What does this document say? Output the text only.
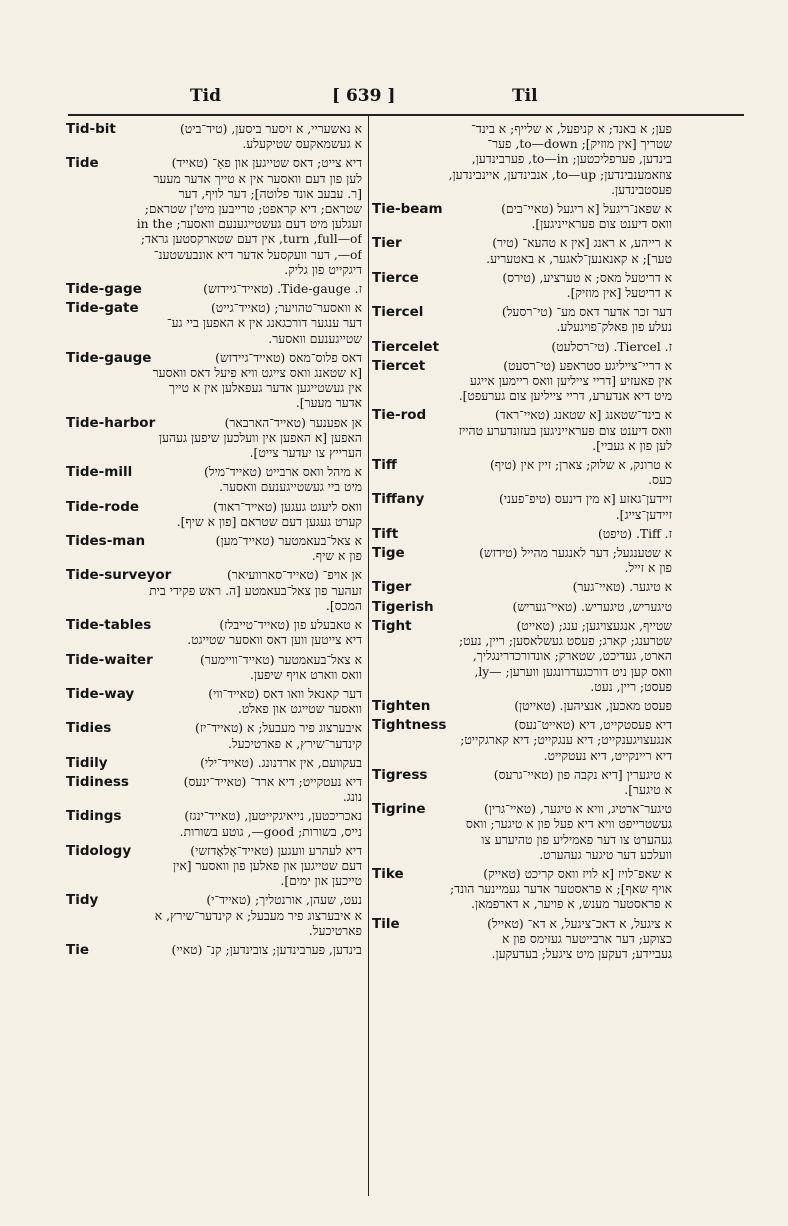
Tid	[ 639 ]	Til
Tid-bit	א נאשעריי, א זיסער ביסען, (טיד־ביט)
א געשמאקעס שטיקעלע.
Tide	דיא צייט; דאס שטייגען און פאַ־ (טאייד)
לען פון דעם וואסער אין א טייך אדער מעער
[ר. עבעב אונד פלוטה]; דער לויף, דער
שטראם; דיא קראפט; טרייבען מיט'ן שטראם;
זעגלען מיט דעם געשטייגענעם וואסער; in the
turn ,full—of, אין דעם שטארקסטען גראד;
of—, דער וועקסעל אדער דיא אונבעשטענ־
דיגקייט פון גליק.
Tide-gage	ז. Tide-gauge. (טאייד־גיידזש)
Tide-gate	א וואסער־טהויער; (טאייד־גייט)
דער ענגער דורכגאנג אין א האפען ביי גע־
שטייגענעם וואסער.
Tide-gauge	דאס פלוס־מאס (טאייד־גיידזש)
[א שטאנג וואס צייגט וויא פיעל דאס וואסער
אין געשטייגען אדער געפאלען אין א טייך
אדער מעער].
Tide-harbor	אן אפענער (טאייד־הארבאר)
האפען [א האפען אין וועלכען שיפען געהען
הערייץ צו יעדער צייט].
Tide-mill	א מיהל וואס ארבייט (טאייד־מיל)
מיט ביי געשטייגענעם וואסער.
Tide-rode	וואס ליעגט געגען (טאייד־ראוד)
קערט געגען דעם שטראם [פון א שיף].
Tides-man	א צאל־בעאמטער (טאייד־מען)
פון א שיף.
Tide-surveyor	אן אויפ־ (טאייד־סארוועיאר)
זעהער פון צאל־בעאמטע [ה. ראש פקידי בית
המכס].
Tide-tables	א טאבעלע פון (טאייד־טייבלז)
דיא צייטען ווען דאס וואסער שטייגט.
Tide-waiter	א צאל־בעאמטער (טאייד־וויימער)
וואס ווארט אויף שיפען.
Tide-way	דער קאנאל וואו דאס (טאייד־ווי)
וואסער שטייגט און פאלט.
Tidies	איבערצוג פיר מעבעל; א (טאייד־יז)
קינדער־שירץ, א פארטיכעל.
Tidily	בעקוועם, אין ארדנונג. (טאייד־ילי)
Tidiness	דיא נעטקייט; דיא ארד־ (טאייד־ינעס)
נונג.
Tidings	נאכריכטען, נייאיגקייטען, (טאייד־ינגז)
נייס, בשורות; good—, גוטע בשורות.
Tidology	דיא לעהרע וועגען (טאייד־אָלאָדזשי)
דעם שטייגען און פאלען פון וואסער [אין
טייכען און ימים].
Tidy	נעט, שעהן, אורנטליך; (טאייד־י)
א איבערצוג פיר מעבעל; א קינדער־שירץ, א
פארטיכעל.
Tie	בינדען, פערבינדען; צובינדען; קנ־ (טאיי)
פען; א באנד; א קניפעל, א שלייף; א בינד־
שטריך [אין מוזיק]; to—down, פער־
בינדען, פערפליכטען; to—in, פערבינדען,
צוזאמענבינדען; to—up, אנבינדען, איינבינדען,
פעסטבינדען.
Tie-beam	א שפאנ־ריגעל [א ריגעל (טאיי־בים)
וואס דיענט צום פעראייניגען].
Tier	א רייהע, א ראנג [אין א טהעא־ (טיר)
טער]; א קאנאנען־לאגער, א באטעריע.
Tierce	א דריטעל מאס; א טערציע, (טירס)
א דריטעל [אין מוזיק].
Tiercel	דער זכר אדער דאס מע־ (טי־רסעל)
נעלע פון פאלק־פויגעלע.
Tiercelet	ז. Tiercel. (טי־רסלעט)
Tiercet	א דריי־צייליגע סטראפע (טי־רסעט)
אין פאעזיע [דריי צייליען וואס ריימען אייגע
מיט דיא אנדערע, דריי צייליען צום גערעפט].
Tie-rod	א בינד־שטאנג [א שטאנג (טאיי־ראד)
וואס דיענט צום פעראייניגען בעזונדערע טהייז
לען פון א געביי].
Tiff	א טרונק, א שלוק; צארן; זיין אין (טיף)
כעס.
Tiffany	זיידען־גאזע [א מין דינעס (טיפ־פעני)
זיידען־צייג].
Tift	ז. Tiff. (טיפט)
Tige	א שטענגעל; דער לאנגער מהייל (טידזש)
פון א זייל.
Tiger	א טיגער. (טאיי־גער)
Tigerish	טיגעריש, טיגעריש. (טאיי־געריש)
Tight	שטייף, אנגעצויגען; ענג; (טאייט)
שטרענג; קארג; פעסט געשלאסען; ריין, נעט;
הארט, געדיכט, שטארק; אונדורכדרינגליך,
וואס קען ניט דורכגעדרונגען ווערען; —ly,
פעסט; ריין, נעט.
Tighten	פעסט מאכען, אנציהען. (טאייטן)
Tightness	דיא פעסטקייט, דיא (טאייט־נעס)
אנגעצויגענקייט; דיא ענגקייט; דיא קארגקייט;
דיא ריינקייט, דיא נעטקייט.
Tigress	א טיגערין [דיא נקבה פון (טאיי־גרעס)
א טיגער].
Tigrine	טיגער־ארטיג, וויא א טיגער, (טאיי־גרין)
געשטרייפט וויא דיא פעל פון א טיגער; וואס
געהערט צו דער פאמיליע פון טהיערע צו
וועלכע דער טיגער געהערט.
Tike	א שאפ־לויז [א לויז וואס קריכט (טאייק)
אויף שאף]; א פראסטער אדער געמיינער הונד;
א פראסטער מענש, א פויער, א דארפמאן.
Tile	א ציגעל, א דאכ־ציגעל, א דא־ (טאייל)
כצוקע; דער ארבייטער געזימס פון א
געביידע; דעקען מיט ציגעל; בעדעקען.
